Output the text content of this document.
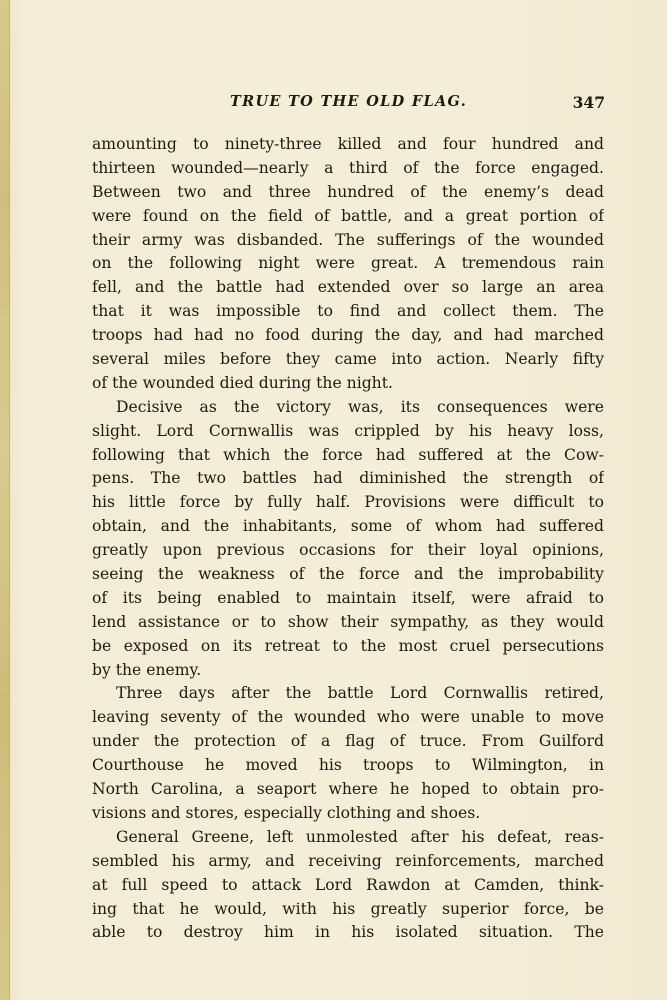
TRUE TO THE OLD FLAG.	347
amounting to ninety-three killed and four hundred and
thirteen wounded—nearly a third of the force engaged.
Between two and three hundred of the enemy’s dead
were found on the field of battle, and a great portion of
their army was disbanded. The sufferings of the wounded
on the following night were great. A tremendous rain
fell, and the battle had extended over so large an area
that it was impossible to find and collect them. The
troops had had no food during the day, and had marched
several miles before they came into action. Nearly fifty
of the wounded died during the night.
Decisive as the victory was, its consequences were
slight. Lord Cornwallis was crippled by his heavy loss,
following that which the force had suffered at the Cow-
pens. The two battles had diminished the strength of
his little force by fully half. Provisions were difficult to
obtain, and the inhabitants, some of whom had suffered
greatly upon previous occasions for their loyal opinions,
seeing the weakness of the force and the improbability
of its being enabled to maintain itself, were afraid to
lend assistance or to show their sympathy, as they would
be exposed on its retreat to the most cruel persecutions
by the enemy.
Three days after the battle Lord Cornwallis retired,
leaving seventy of the wounded who were unable to move
under the protection of a flag of truce. From Guilford
Courthouse he moved his troops to Wilmington, in
North Carolina, a seaport where he hoped to obtain pro-
visions and stores, especially clothing and shoes.
General Greene, left unmolested after his defeat, reas-
sembled his army, and receiving reinforcements, marched
at full speed to attack Lord Rawdon at Camden, think-
ing that he would, with his greatly superior force, be
able to destroy him in his isolated situation. The
